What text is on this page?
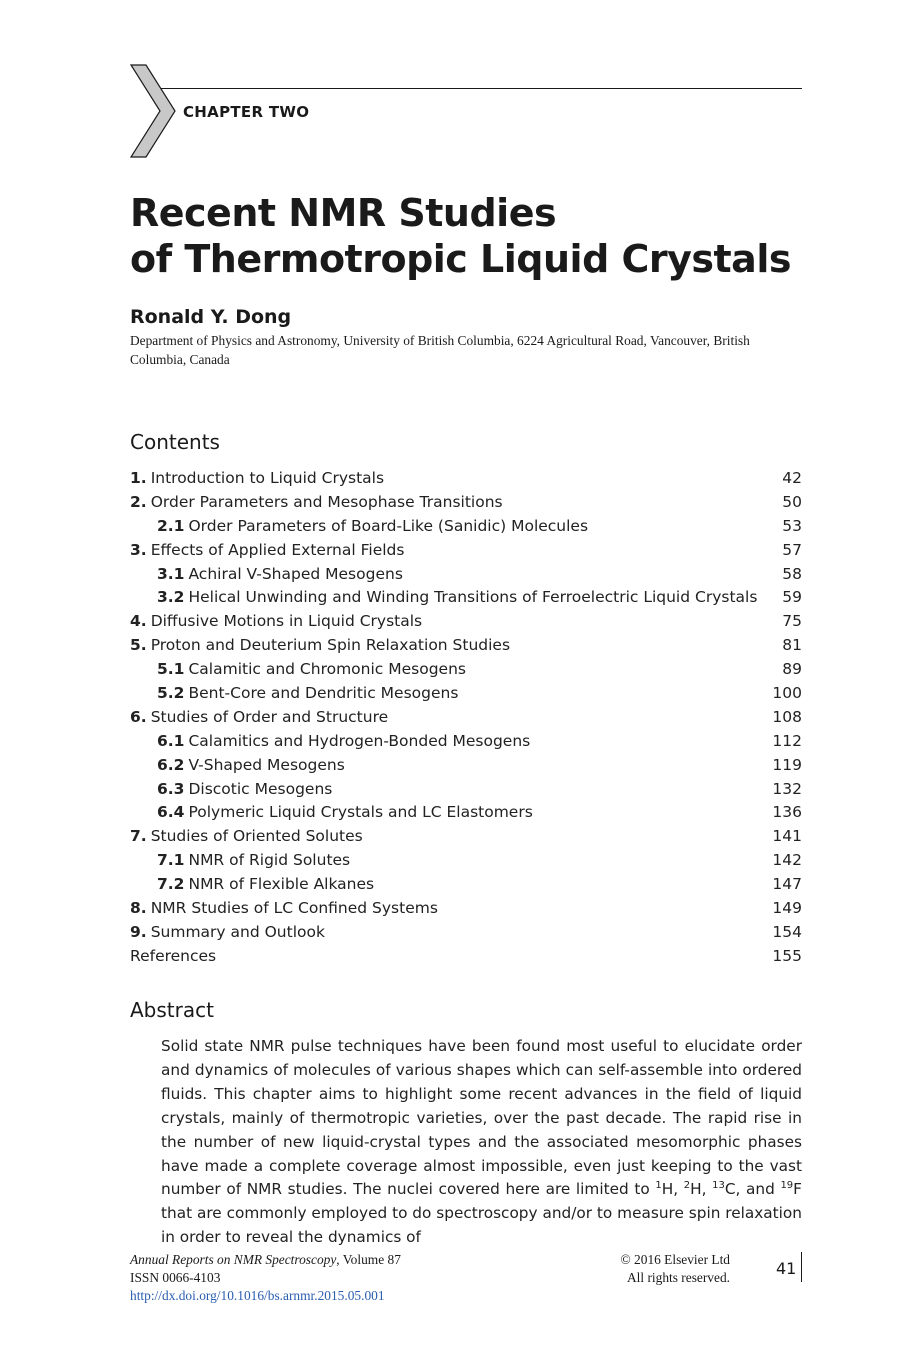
CHAPTER TWO
Recent NMR Studies
of Thermotropic Liquid Crystals
Ronald Y. Dong
Department of Physics and Astronomy, University of British Columbia, 6224 Agricultural Road, Vancouver, British Columbia, Canada
Contents
1. Introduction to Liquid Crystals	42
2. Order Parameters and Mesophase Transitions	50
2.1 Order Parameters of Board-Like (Sanidic) Molecules	53
3. Effects of Applied External Fields	57
3.1 Achiral V-Shaped Mesogens	58
3.2 Helical Unwinding and Winding Transitions of Ferroelectric Liquid Crystals 59
4. Diffusive Motions in Liquid Crystals	75
5. Proton and Deuterium Spin Relaxation Studies	81
5.1 Calamitic and Chromonic Mesogens	89
5.2 Bent-Core and Dendritic Mesogens	100
6. Studies of Order and Structure	108
6.1 Calamitics and Hydrogen-Bonded Mesogens	112
6.2 V-Shaped Mesogens	119
6.3 Discotic Mesogens	132
6.4 Polymeric Liquid Crystals and LC Elastomers	136
7. Studies of Oriented Solutes	141
7.1 NMR of Rigid Solutes	142
7.2 NMR of Flexible Alkanes	147
8. NMR Studies of LC Confined Systems	149
9. Summary and Outlook	154
References	155
Abstract
Solid state NMR pulse techniques have been found most useful to elucidate order and dynamics of molecules of various shapes which can self-assemble into ordered fluids. This chapter aims to highlight some recent advances in the field of liquid crystals, mainly of thermotropic varieties, over the past decade. The rapid rise in the number of new liquid-crystal types and the associated mesomorphic phases have made a complete coverage almost impossible, even just keeping to the vast number of NMR studies. The nuclei covered here are limited to $^1$H, $^2$H, $^{13}$C, and $^{19}$F that are commonly employed to do spectroscopy and/or to measure spin relaxation in order to reveal the dynamics of
Annual Reports on NMR Spectroscopy, Volume 87
ISSN 0066-4103
http://dx.doi.org/10.1016/bs.arnmr.2015.05.001
© 2016 Elsevier Ltd
All rights reserved.	41
